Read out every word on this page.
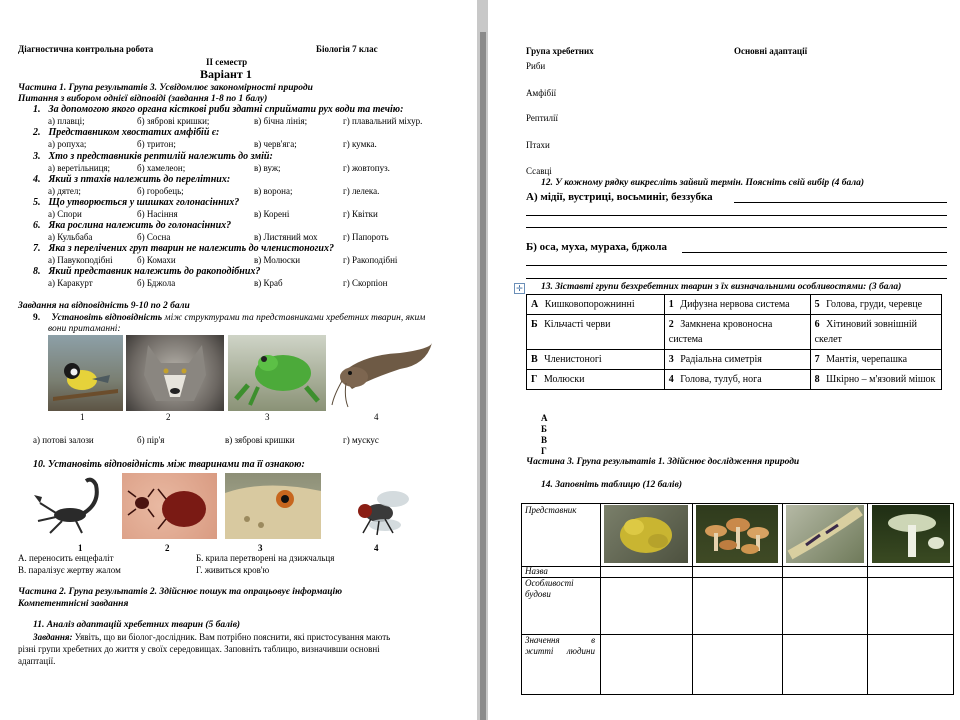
Діагностична контрольна робота	Біологія 7 клас
ІІ семестр
Варіант 1
Частина 1. Група результатів 3. Усвідомлює закономірності природи
Питання з вибором однієї відповіді (завдання 1-8 по 1 балу)
1. За допомогою якого органа кісткові риби здатні сприймати рух води та течію:
а) плавці;	б) зяброві кришки;	в) бічна лінія;	г) плавальний міхур.
2. Представником хвостатих амфібій є:
а) ропуха;	б) тритон;	в) черв'яга;	г) кумка.
3. Хто з представників рептилій належить до змій:
а) веретільниця;	б) хамелеон;	в) вуж;	г) жовтопуз.
4. Який з птахів належить до перелітних:
а) дятел;	б) горобець;	в) ворона;	г) лелека.
5. Що утворюється у шишках голонасінних?
а) Спори	б) Насіння	в) Корені	г) Квітки
6. Яка рослина належить до голонасінних?
а) Кульбаба	б) Сосна	в) Листяний мох	г) Папороть
7. Яка з перелічених груп тварин не належить до членистоногих?
а) Павукоподібні	б) Комахи	в) Молюски	г) Ракоподібні
8. Який представник належить до ракоподібних?
а) Каракурт	б) Бджола	в) Краб	г) Скорпіон
Завдання на відповідність 9-10 по 2 бали
9. Установіть відповідність між структурами та представниками хребетних тварин, яким
вони притаманні:
1	2	3	4
а) потові залози	б) пір'я	в) зяброві кришки	г) мускус
10. Установіть відповідність між тваринами та її ознакою:
1	2	3	4
А. переносить енцефаліт	Б. крила перетворені на дзижчальця
В. паралізує жертву жалом	Г. живиться кров'ю
Частина 2. Група результатів 2. Здійснює пошук та опрацьовує інформацію
Компетентнісні завдання
11. Аналіз адаптацій хребетних тварин (5 балів)
Завдання: Уявіть, що ви біолог-дослідник. Вам потрібно пояснити, які пристосування мають
різні групи хребетних до життя у своїх середовищах. Заповніть таблицю, визначивши основні
адаптації.
Група хребетних	Основні адаптації
Риби
Амфібії
Рептилії
Птахи
Ссавці
12. У кожному рядку викресліть зайвий термін. Поясніть свій вибір (4 бала)
А) мідії, вустриці, восьминіг, беззубка
Б) оса, муха, мураха, бджола
✛ 13. Зіставті групи безхребетних тварин з їх визначальними особливостями: (3 бала)
А Кишковопорожнинні	1 Дифузна нервова система	5 Голова, груди, черевце
Б Кільчасті черви	2 Замкнена кровоносна система	6 Хітиновий зовнішній скелет
В Членистоногі	3 Радіальна симетрія	7 Мантія, черепашка
Г Молюски	4 Голова, тулуб, нога	8 Шкірно – м'язовий мішок
А
Б
В
Г
Частина 3. Група результатів 1. Здійснює дослідження природи
14. Заповніть таблицю (12 балів)
Представник
Назва
Особливості будови
Значення в житті людини
